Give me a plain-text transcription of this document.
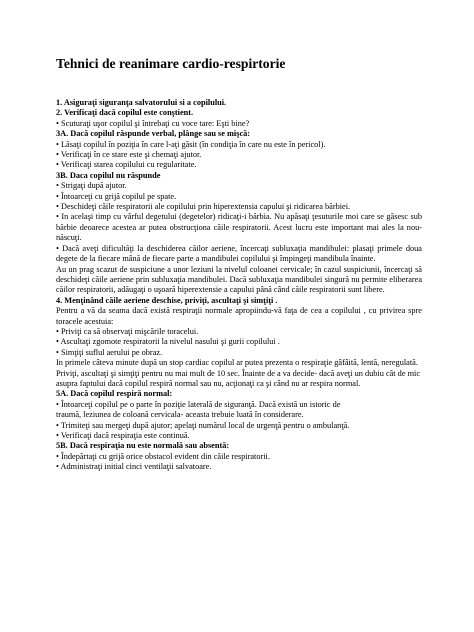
Tehnici de reanimare cardio-respirtorie

1. Asiguraţi siguranţa salvatorului si a copilului.

2. Verificaţi dacă copilul este conştient.

• Scuturaţi uşor copilul şi întrebaţi cu voce tare: Eşti bine?

3A. Dacă copilul răspunde verbal, plânge sau se mişcă:

• Lăsaţi copilul în poziţia în care l-aţi găsit (în condiţia în care nu este în pericol).

• Verificaţi în ce stare este şi chemaţi ajutor.

• Verificaţi starea copilului cu regularitate.

3B. Daca copilul nu răspunde

• Strigaţi după ajutor.

• Întoarceţi cu grijă copilul pe spate.

• Deschideţi căile respiratorii ale copilului prin hiperextensia capului şi ridicarea bărbiei.

• In acelaşi timp cu vârful degetului (degetelor) ridicaţi-i bărbia. Nu apăsaţi ţesuturile moi care se găsesc sub bărbie deoarece acestea ar putea obstrucţiona căile respiratorii. Acest lucru este important mai ales la nou-născuţi.

• Dacă aveţi dificultăţi la deschiderea căilor aeriene, încercaţi subluxaţia mandibulei: plasaţi primele doua degete de la fiecare mână de fiecare parte a mandibulei copilului şi împingeţi mandibula înainte.

Au un prag scazut de suspiciune a unor leziuni la nivelul coloanei cervicale; în cazul suspiciunii, încercaţi să deschideţi căile aeriene prin subluxaţia mandibulei. Dacă subluxaţia mandibulei singură nu permite eliberarea căilor respiratorii, adăugaţi o uşoară hiperextensie a capului până când căile respiratorii sunt libere.

4. Menţinând căile aeriene deschise, priviţi, ascultaţi şi simţiţi .

Pentru a vă da seama dacă există respiraţii normale apropiindu-vă faţa de cea a copilului , cu privirea spre toracele acestuia:

• Priviţi ca să observaţi mişcările toracelui.

• Ascultaţi zgomote respiratorii la nivelul nasului şi gurii copilului .

• Simţiţi suflul aerului pe obraz.

In primele câteva minute după un stop cardiac copilul ar putea prezenta o respiraţie gâfâită, lentă, neregulată.

Priviţi, ascultaţi şi simţiţi pentru nu mai mult de 10 sec. Înainte de a va decide- dacă aveţi un dubiu cât de mic

asupra faptului dacă copilul respiră normal sau nu, acţionaţi ca şi când nu ar respira normal.

5A. Dacă copilul respiră normal:

• Întoarceţi copilul pe o parte în poziţie laterală de siguranţă. Dacă există un istoric de

traumă, leziunea de coloană cervicala- aceasta trebuie luată în considerare.

• Trimiteţi sau mergeţi după ajutor; apelaţi numărul local de urgenţă pentru o ambulanţă.

• Verificaţi dacă respiraţia este continuă.

5B. Dacă respiraţia nu este normală sau absentă:

• Îndepărtaţi cu grijă orice obstacol evident din căile respiratorii.

• Administraţi initial cinci ventilaţii salvatoare.
